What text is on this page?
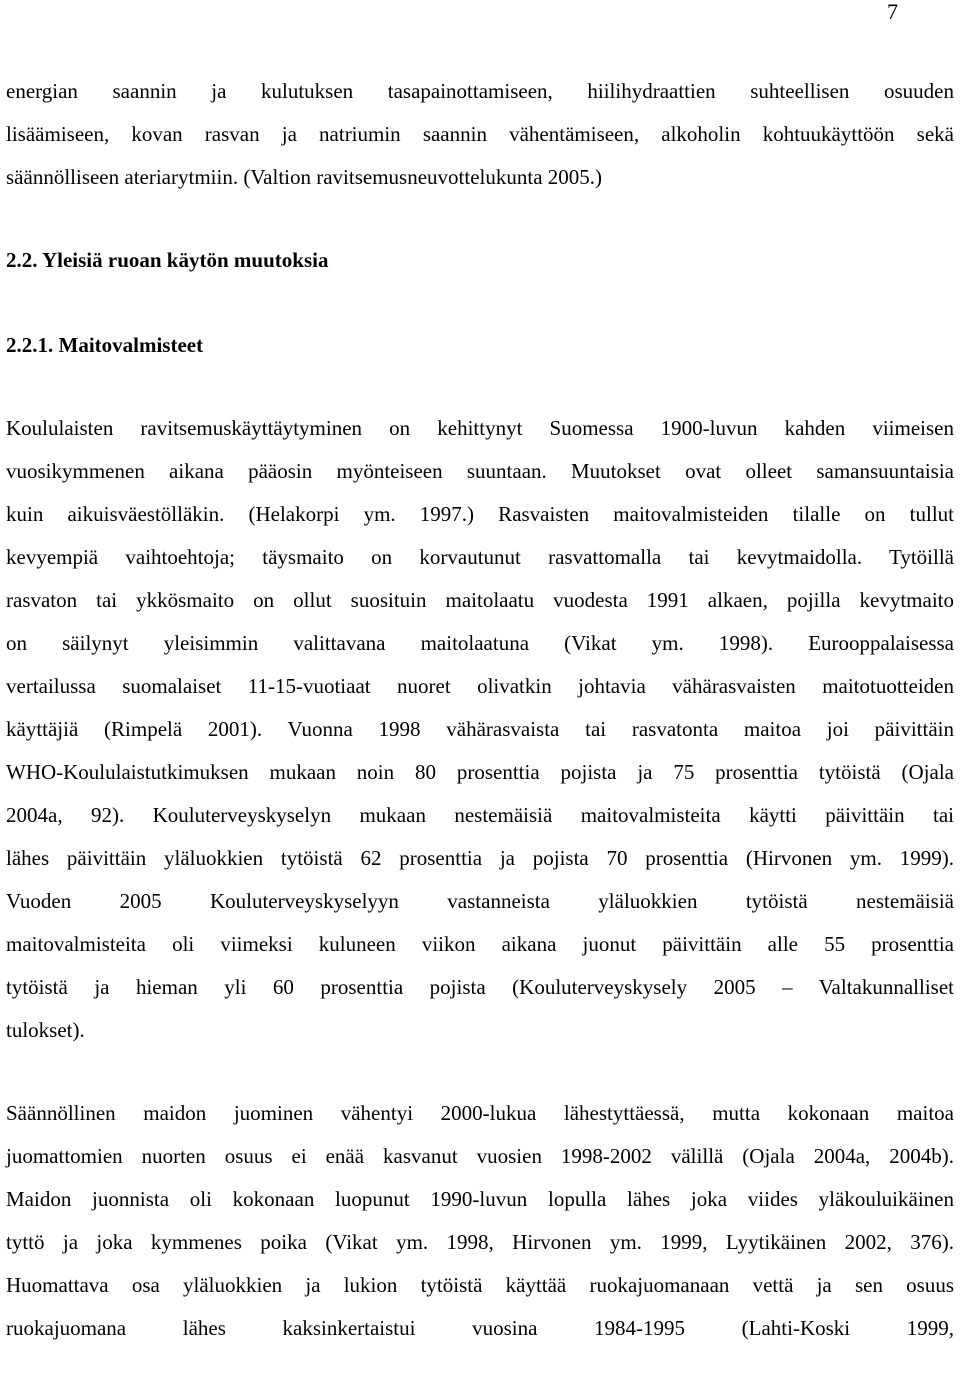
7

energian saannin ja kulutuksen tasapainottamiseen, hiilihydraattien suhteellisen osuuden

lisäämiseen, kovan rasvan ja natriumin saannin vähentämiseen, alkoholin kohtuukäyttöön sekä

säännölliseen ateriarytmiin. (Valtion ravitsemusneuvottelukunta 2005.)

2.2. Yleisiä ruoan käytön muutoksia
2.2.1. Maitovalmisteet

Koululaisten ravitsemuskäyttäytyminen on kehittynyt Suomessa 1900-luvun kahden viimeisen

vuosikymmenen aikana pääosin myönteiseen suuntaan. Muutokset ovat olleet samansuuntaisia

kuin aikuisväestölläkin. (Helakorpi ym. 1997.) Rasvaisten maitovalmisteiden tilalle on tullut

kevyempiä vaihtoehtoja; täysmaito on korvautunut rasvattomalla tai kevytmaidolla. Tytöillä

rasvaton tai ykkösmaito on ollut suosituin maitolaatu vuodesta 1991 alkaen, pojilla kevytmaito

on säilynyt yleisimmin valittavana maitolaatuna (Vikat ym. 1998). Eurooppalaisessa

vertailussa suomalaiset 11-15-vuotiaat nuoret olivatkin johtavia vähärasvaisten maitotuotteiden

käyttäjiä (Rimpelä 2001). Vuonna 1998 vähärasvaista tai rasvatonta maitoa joi päivittäin

WHO-Koululaistutkimuksen mukaan noin 80 prosenttia pojista ja 75 prosenttia tytöistä (Ojala

2004a, 92). Kouluterveyskyselyn mukaan nestemäisiä maitovalmisteita käytti päivittäin tai

lähes päivittäin yläluokkien tytöistä 62 prosenttia ja pojista 70 prosenttia (Hirvonen ym. 1999).

Vuoden 2005 Kouluterveyskyselyyn vastanneista yläluokkien tytöistä nestemäisiä

maitovalmisteita oli viimeksi kuluneen viikon aikana juonut päivittäin alle 55 prosenttia

tytöistä ja hieman yli 60 prosenttia pojista (Kouluterveyskysely 2005 – Valtakunnalliset

tulokset).

Säännöllinen maidon juominen vähentyi 2000-lukua lähestyttäessä, mutta kokonaan maitoa

juomattomien nuorten osuus ei enää kasvanut vuosien 1998-2002 välillä (Ojala 2004a, 2004b).

Maidon juonnista oli kokonaan luopunut 1990-luvun lopulla lähes joka viides yläkouluikäinen

tyttö ja joka kymmenes poika (Vikat ym. 1998, Hirvonen ym. 1999, Lyytikäinen 2002, 376).

Huomattava osa yläluokkien ja lukion tytöistä käyttää ruokajuomanaan vettä ja sen osuus

ruokajuomana lähes kaksinkertaistui vuosina 1984-1995 (Lahti-Koski 1999,
